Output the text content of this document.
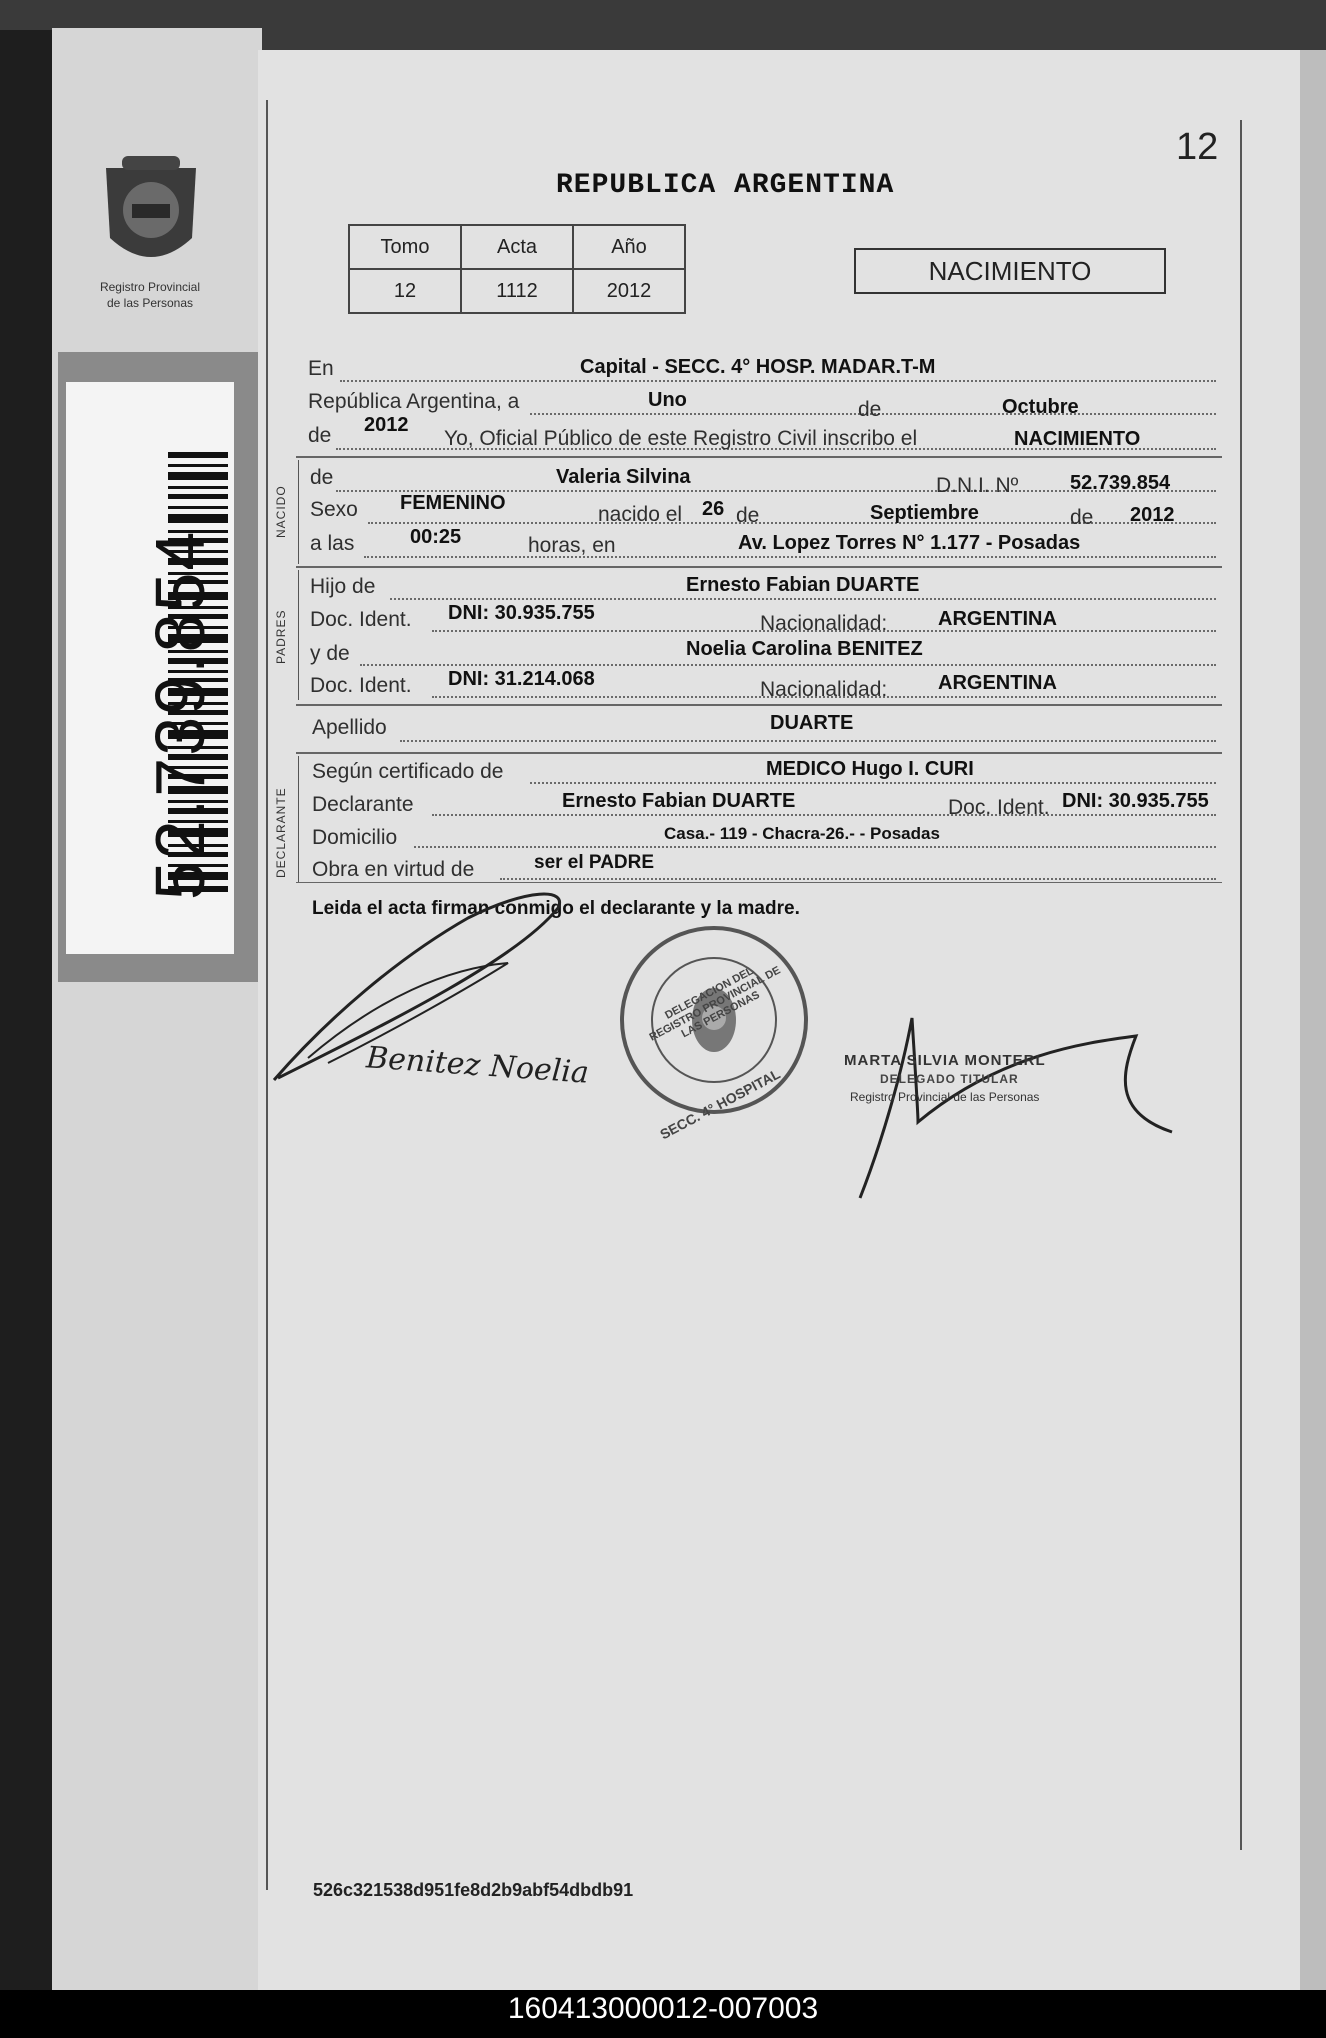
Registro Provincial
de las Personas
52.739.854
12
REPUBLICA ARGENTINA
Tomo	Acta	Año
12	1112	2012
NACIMIENTO
En	Capital - SECC. 4° HOSP. MADAR.T-M
República Argentina, a	Uno	de	Octubre
de 2012
Yo, Oficial Público de este Registro Civil inscribo el	NACIMIENTO
NACIDO
de	Valeria Silvina	D.N.I. Nº	52.739.854
Sexo FEMENINO	nacido el 26 de	Septiembre	de 2012
a las	00:25	horas, en	Av. Lopez Torres N° 1.177 - Posadas
PADRES
Hijo de	Ernesto Fabian DUARTE
Doc. Ident. DNI: 30.935.755	Nacionalidad:	ARGENTINA
y de	Noelia Carolina BENITEZ
Doc. Ident. DNI: 31.214.068	Nacionalidad:	ARGENTINA
Apellido	DUARTE
DECLARANTE
Según certificado de	MEDICO Hugo I. CURI
Declarante	Ernesto Fabian DUARTE	Doc. Ident. DNI: 30.935.755
Domicilio	Casa.- 119 - Chacra-26.- - Posadas
Obra en virtud de	ser el PADRE
Leida el acta firman conmigo el declarante y la madre.
Benitez Noelia
DELEGACION DEL REGISTRO PROVINCIAL DE LAS PERSONAS
SECC. 4° HOSPITAL
MARTA SILVIA MONTERL
DELEGADO TITULAR
Registro Provincial de las Personas
526c321538d951fe8d2b9abf54dbdb91
160413000012-007003
